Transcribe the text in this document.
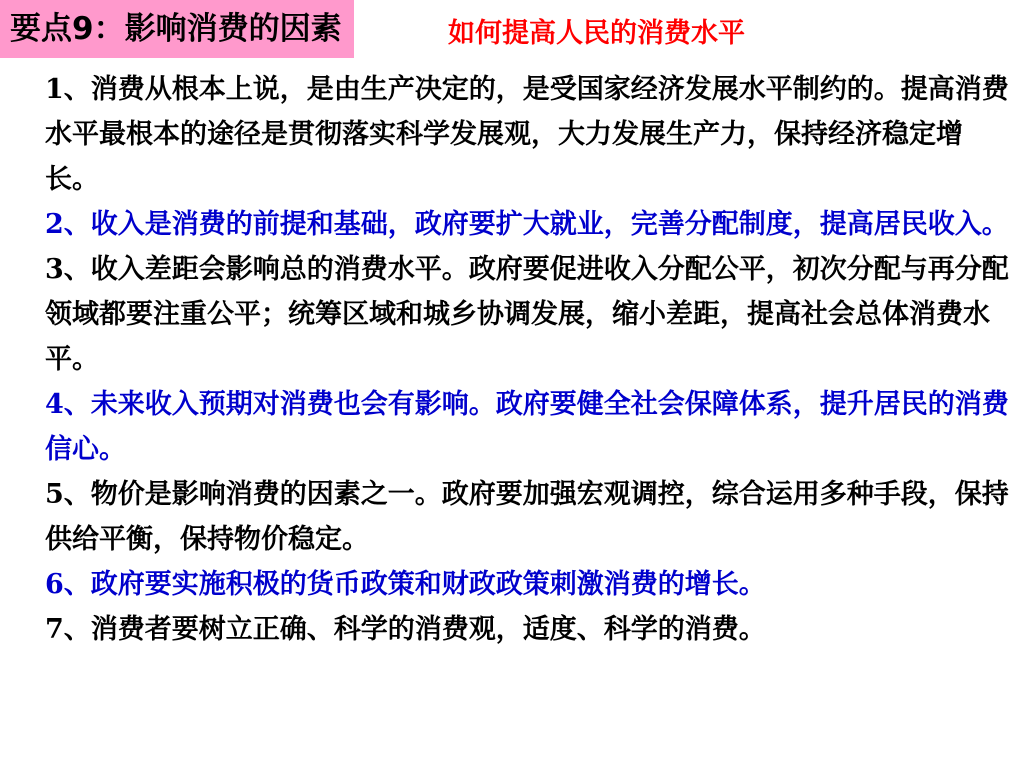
要点9：影响消费的因素	如何提高人民的消费水平

1、消费从根本上说，是由生产决定的，是受国家经济发展水平制约的。提高消费水平最根本的途径是贯彻落实科学发展观，大力发展生产力，保持经济稳定增长。

2、收入是消费的前提和基础，政府要扩大就业，完善分配制度，提高居民收入。

3、收入差距会影响总的消费水平。政府要促进收入分配公平，初次分配与再分配领域都要注重公平；统筹区域和城乡协调发展，缩小差距，提高社会总体消费水平。

4、未来收入预期对消费也会有影响。政府要健全社会保障体系，提升居民的消费信心。

5、物价是影响消费的因素之一。政府要加强宏观调控，综合运用多种手段，保持供给平衡，保持物价稳定。

6、政府要实施积极的货币政策和财政政策刺激消费的增长。

7、消费者要树立正确、科学的消费观，适度、科学的消费。
